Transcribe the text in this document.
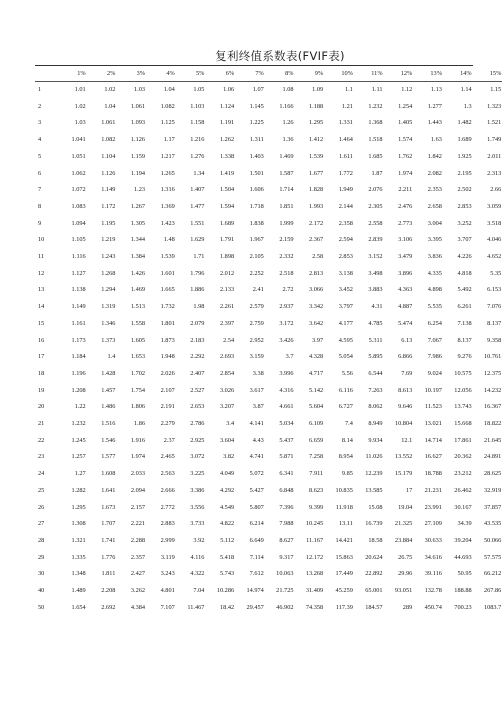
复利终值系数表(FVIF表)
	1%	2%	3%	4%	5%	6%	7%	8%	9%	10%	11%	12%	13%	14%	15%
1	1.01	1.02	1.03	1.04	1.05	1.06	1.07	1.08	1.09	1.1	1.11	1.12	1.13	1.14	1.15
2	1.02	1.04	1.061	1.082	1.103	1.124	1.145	1.166	1.188	1.21	1.232	1.254	1.277	1.3	1.323
3	1.03	1.061	1.093	1.125	1.158	1.191	1.225	1.26	1.295	1.331	1.368	1.405	1.443	1.482	1.521
4	1.041	1.082	1.126	1.17	1.216	1.262	1.311	1.36	1.412	1.464	1.518	1.574	1.63	1.689	1.749
5	1.051	1.104	1.159	1.217	1.276	1.338	1.403	1.469	1.539	1.611	1.685	1.762	1.842	1.925	2.011
6	1.062	1.126	1.194	1.265	1.34	1.419	1.501	1.587	1.677	1.772	1.87	1.974	2.082	2.195	2.313
7	1.072	1.149	1.23	1.316	1.407	1.504	1.606	1.714	1.828	1.949	2.076	2.211	2.353	2.502	2.66
8	1.083	1.172	1.267	1.369	1.477	1.594	1.718	1.851	1.993	2.144	2.305	2.476	2.658	2.853	3.059
9	1.094	1.195	1.305	1.423	1.551	1.689	1.838	1.999	2.172	2.358	2.558	2.773	3.004	3.252	3.518
10	1.105	1.219	1.344	1.48	1.629	1.791	1.967	2.159	2.367	2.594	2.839	3.106	3.395	3.707	4.046
11	1.116	1.243	1.384	1.539	1.71	1.898	2.105	2.332	2.58	2.853	3.152	3.479	3.836	4.226	4.652
12	1.127	1.268	1.426	1.601	1.796	2.012	2.252	2.518	2.813	3.138	3.498	3.896	4.335	4.818	5.35
13	1.138	1.294	1.469	1.665	1.886	2.133	2.41	2.72	3.066	3.452	3.883	4.363	4.898	5.492	6.153
14	1.149	1.319	1.513	1.732	1.98	2.261	2.579	2.937	3.342	3.797	4.31	4.887	5.535	6.261	7.076
15	1.161	1.346	1.558	1.801	2.079	2.397	2.759	3.172	3.642	4.177	4.785	5.474	6.254	7.138	8.137
16	1.173	1.373	1.605	1.873	2.183	2.54	2.952	3.426	3.97	4.595	5.311	6.13	7.067	8.137	9.358
17	1.184	1.4	1.653	1.948	2.292	2.693	3.159	3.7	4.328	5.054	5.895	6.866	7.986	9.276	10.761
18	1.196	1.428	1.702	2.026	2.407	2.854	3.38	3.996	4.717	5.56	6.544	7.69	9.024	10.575	12.375
19	1.208	1.457	1.754	2.107	2.527	3.026	3.617	4.316	5.142	6.116	7.263	8.613	10.197	12.056	14.232
20	1.22	1.486	1.806	2.191	2.653	3.207	3.87	4.661	5.604	6.727	8.062	9.646	11.523	13.743	16.367
21	1.232	1.516	1.86	2.279	2.786	3.4	4.141	5.034	6.109	7.4	8.949	10.804	13.021	15.668	18.822
22	1.245	1.546	1.916	2.37	2.925	3.604	4.43	5.437	6.659	8.14	9.934	12.1	14.714	17.861	21.645
23	1.257	1.577	1.974	2.465	3.072	3.82	4.741	5.871	7.258	8.954	11.026	13.552	16.627	20.362	24.891
24	1.27	1.608	2.033	2.563	3.225	4.049	5.072	6.341	7.911	9.85	12.239	15.179	18.788	23.212	28.625
25	1.282	1.641	2.094	2.666	3.386	4.292	5.427	6.848	8.623	10.835	13.585	17	21.231	26.462	32.919
26	1.295	1.673	2.157	2.772	3.556	4.549	5.807	7.396	9.399	11.918	15.08	19.04	23.991	30.167	37.857
27	1.308	1.707	2.221	2.883	3.733	4.822	6.214	7.988	10.245	13.11	16.739	21.325	27.109	34.39	43.535
28	1.321	1.741	2.288	2.999	3.92	5.112	6.649	8.627	11.167	14.421	18.58	23.884	30.633	39.204	50.066
29	1.335	1.776	2.357	3.119	4.116	5.418	7.114	9.317	12.172	15.863	20.624	26.75	34.616	44.693	57.575
30	1.348	1.811	2.427	3.243	4.322	5.743	7.612	10.063	13.268	17.449	22.892	29.96	39.116	50.95	66.212
40	1.489	2.208	3.262	4.801	7.04	10.286	14.974	21.725	31.409	45.259	65.001	93.051	132.78	188.88	267.86
50	1.654	2.692	4.384	7.107	11.467	18.42	29.457	46.902	74.358	117.39	184.57	289	450.74	700.23	1083.7
